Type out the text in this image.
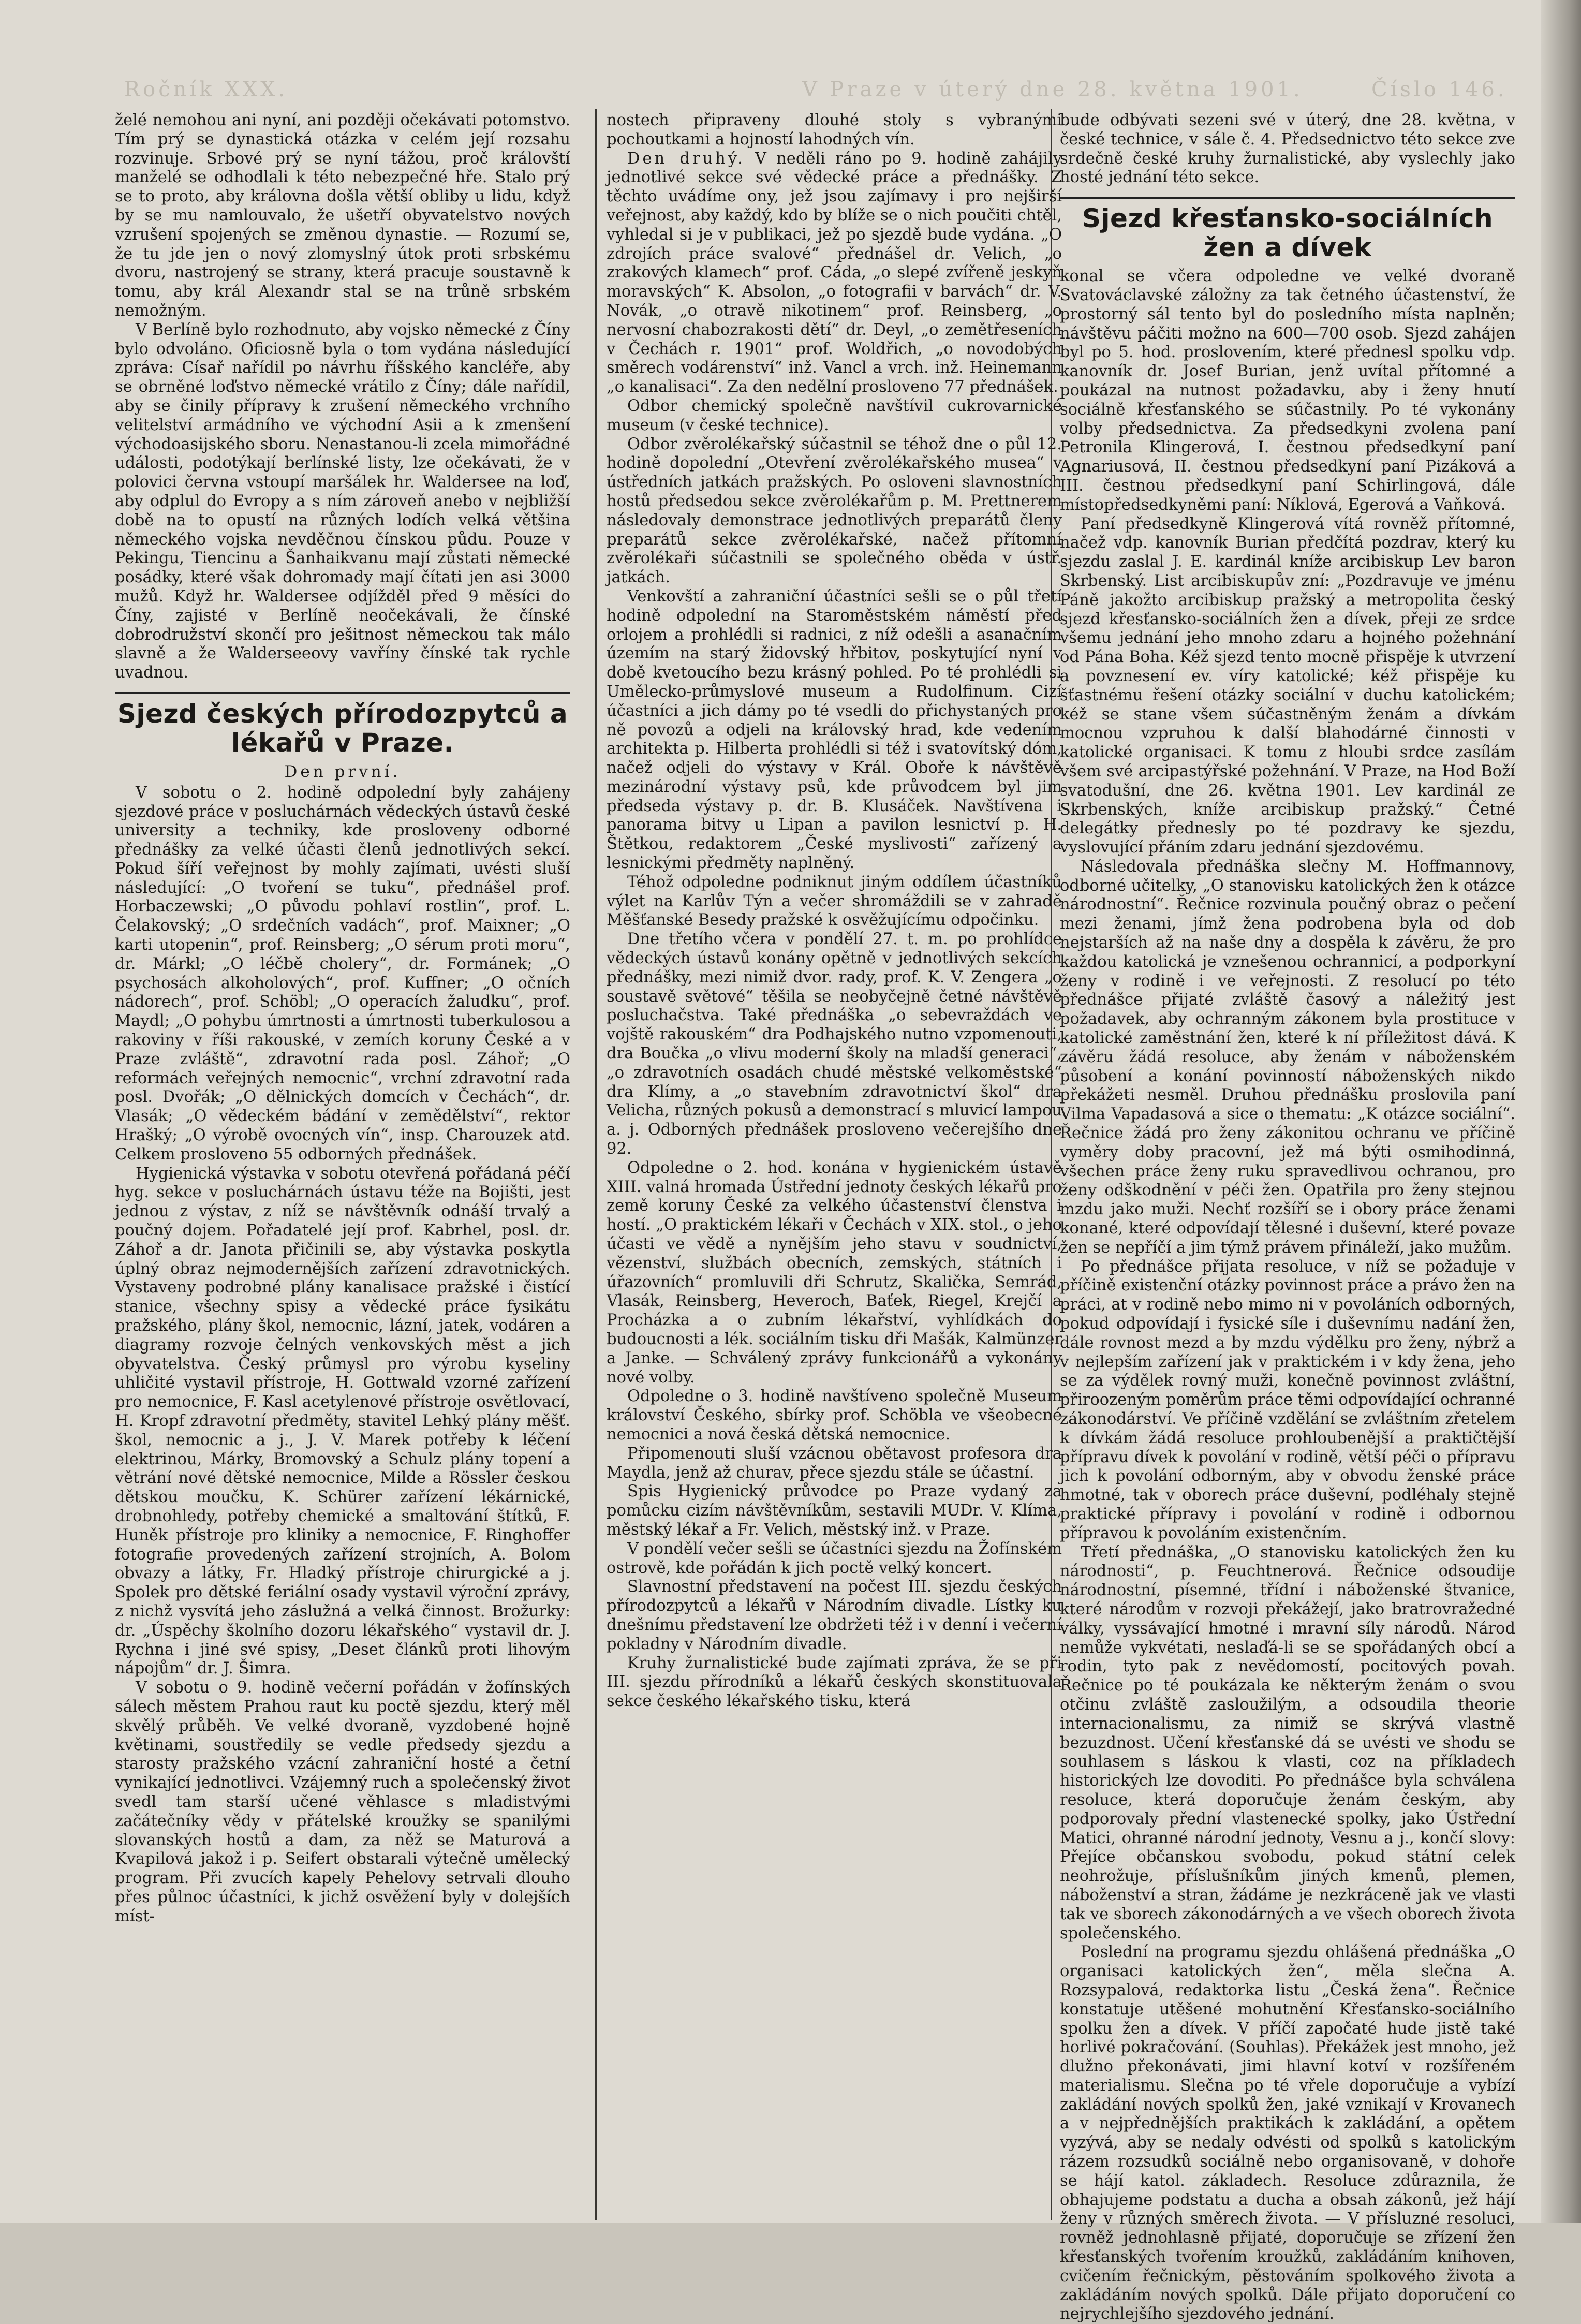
Ročník XXX.	V Praze v úterý dne 28. května 1901.	Číslo 146.

želé nemohou ani nyní, ani později očekávati potomstvo. Tím prý se dynastická otázka v celém její rozsahu rozvinuje. Srbové prý se nyní tážou, proč královští manželé se odhodlali k této nebezpečné hře. Stalo prý se to proto, aby královna došla větší obliby u lidu, když by se mu namlouvalo, že ušetří obyvatelstvo nových vzrušení spojených se změnou dynastie. — Rozumí se, že tu jde jen o nový zlomyslný útok proti srbskému dvoru, nastrojený se strany, která pracuje soustavně k tomu, aby král Alexandr stal se na trůně srbském nemožným.

V Berlíně bylo rozhodnuto, aby vojsko německé z Číny bylo odvoláno. Oficiosně byla o tom vydána následující zpráva: Císař nařídil po návrhu říšského kancléře, aby se obrněné loďstvo německé vrátilo z Číny; dále nařídil, aby se činily přípravy k zrušení německého vrchního velitelství armádního ve východní Asii a k zmenšení východoasijského sboru. Nenastanou-li zcela mimořádné události, podotýkají berlínské listy, lze očekávati, že v polovici června vstoupí maršálek hr. Waldersee na loď, aby odplul do Evropy a s ním zároveň anebo v nejbližší době na to opustí na různých lodích velká většina německého vojska nevděčnou čínskou půdu. Pouze v Pekingu, Tiencinu a Šanhaikvanu mají zůstati německé posádky, které však dohromady mají čítati jen asi 3000 mužů. Když hr. Waldersee odjížděl před 9 měsíci do Číny, zajisté v Berlíně neočekávali, že čínské dobrodružství skončí pro ješitnost německou tak málo slavně a že Walderseeovy vavříny čínské tak rychle uvadnou.

Sjezd českých přírodozpytců a lékařů v Praze.
Den první.

V sobotu o 2. hodině odpolední byly zahájeny sjezdové práce v posluchárnách vědeckých ústavů české university a techniky, kde prosloveny odborné přednášky za velké účasti členů jednotlivých sekcí. Pokud šíří veřejnost by mohly zajímati, uvésti sluší následující: „O tvoření se tuku“, přednášel prof. Horbaczewski; „O původu pohlaví rostlin“, prof. L. Čelakovský; „O srdečních vadách“, prof. Maixner; „O karti utopenin“, prof. Reinsberg; „O sérum proti moru“, dr. Márkl; „O léčbě cholery“, dr. Formánek; „O psychosách alkoholových“, prof. Kuffner; „O očních nádorech“, prof. Schöbl; „O operacích žaludku“, prof. Maydl; „O pohybu úmrtnosti a úmrtnosti tuberkulosou a rakoviny v říši rakouské, v zemích koruny České a v Praze zvláště“, zdravotní rada posl. Záhoř; „O reformách veřejných nemocnic“, vrchní zdravotní rada posl. Dvořák; „O dělnických domcích v Čechách“, dr. Vlasák; „O vědeckém bádání v zemědělství“, rektor Hrašký; „O výrobě ovocných vín“, insp. Charouzek atd. Celkem prosloveno 55 odborných přednášek.

Hygienická výstavka v sobotu otevřená pořádaná péčí hyg. sekce v posluchárnách ústavu téže na Bojišti, jest jednou z výstav, z níž se návštěvník odnáší trvalý a poučný dojem. Pořadatelé její prof. Kabrhel, posl. dr. Záhoř a dr. Janota přičinili se, aby výstavka poskytla úplný obraz nejmodernějších zařízení zdravotnických. Vystaveny podrobné plány kanalisace pražské i čistící stanice, všechny spisy a vědecké práce fysikátu pražského, plány škol, nemocnic, lázní, jatek, vodáren a diagramy rozvoje čelných venkovských měst a jich obyvatelstva. Český průmysl pro výrobu kyseliny uhličité vystavil přístroje, H. Gottwald vzorné zařízení pro nemocnice, F. Kasl acetylenové přístroje osvětlovací, H. Kropf zdravotní předměty, stavitel Lehký plány měšť. škol, nemocnic a j., J. V. Marek potřeby k léčení elektrinou, Márky, Bromovský a Schulz plány topení a větrání nové dětské nemocnice, Milde a Rössler českou dětskou moučku, K. Schürer zařízení lékárnické, drobnohledy, potřeby chemické a smaltování štítků, F. Huněk přístroje pro kliniky a nemocnice, F. Ringhoffer fotografie provedených zařízení strojních, A. Bolom obvazy a látky, Fr. Hladký přístroje chirurgické a j. Spolek pro dětské feriální osady vystavil výroční zprávy, z nichž vysvítá jeho záslužná a velká činnost. Brožurky: dr. „Úspěchy školního dozoru lékařského“ vystavil dr. J. Rychna i jiné své spisy, „Deset článků proti lihovým nápojům“ dr. J. Šimra.

V sobotu o 9. hodině večerní pořádán v žofínských sálech městem Prahou raut ku poctě sjezdu, který měl skvělý průběh. Ve velké dvoraně, vyzdobené hojně květinami, soustředily se vedle předsedy sjezdu a starosty pražského vzácní zahraniční hosté a četní vynikající jednotlivci. Vzájemný ruch a společenský život svedl tam starší učené věhlasce s mladistvými začátečníky vědy v přátelské kroužky se spanilými slovanských hostů a dam, za něž se Maturová a Kvapilová jakož i p. Seifert obstarali výtečně umělecký program. Při zvucích kapely Pehelovy setrvali dlouho přes půlnoc účastníci, k jichž osvěžení byly v dolejších míst-

nostech připraveny dlouhé stoly s vybranými pochoutkami a hojností lahodných vín.

Den druhý. V neděli ráno po 9. hodině zahájily jednotlivé sekce své vědecké práce a přednášky. Z těchto uvádíme ony, jež jsou zajímavy i pro nejširší veřejnost, aby každý, kdo by blíže se o nich poučiti chtěl, vyhledal si je v publikaci, jež po sjezdě bude vydána. „O zdrojích práce svalové“ přednášel dr. Velich, „o zrakových klamech“ prof. Cáda, „o slepé zvířeně jeskyň moravských“ K. Absolon, „o fotografii v barvách“ dr. V. Novák, „o otravě nikotinem“ prof. Reinsberg, „o nervosní chabozrakosti dětí“ dr. Deyl, „o zemětřeseních v Čechách r. 1901“ prof. Woldřich, „o novodobých směrech vodárenství“ inž. Vancl a vrch. inž. Heinemann „o kanalisaci“. Za den nedělní prosloveno 77 přednášek.

Odbor chemický společně navštívil cukrovarnické museum (v české technice).

Odbor zvěrolékařský súčastnil se téhož dne o půl 12. hodině dopolední „Otevření zvěrolékařského musea“ v ústředních jatkách pražských. Po osloveni slavnostních hostů předsedou sekce zvěrolékařům p. M. Prettnerem následovaly demonstrace jednotlivých preparátů členy preparátů sekce zvěrolékařské, načež přítomní zvěrolékaři súčastnili se společného oběda v ústř. jatkách.

Venkovští a zahraniční účastníci sešli se o půl třetí hodině odpolední na Staroměstském náměstí před orlojem a prohlédli si radnici, z níž odešli a asanačním územím na starý židovský hřbitov, poskytující nyní v době kvetoucího bezu krásný pohled. Po té prohlédli si Umělecko-průmyslové museum a Rudolfinum. Cizí účastníci a jich dámy po té vsedli do přichystaných pro ně povozů a odjeli na královský hrad, kde vedením architekta p. Hilberta prohlédli si též i svatovítský dóm, načež odjeli do výstavy v Král. Oboře k návštěvě mezinárodní výstavy psů, kde průvodcem byl jim předseda výstavy p. dr. B. Klusáček. Navštívena i panorama bitvy u Lipan a pavilon lesnictví p. H. Štětkou, redaktorem „České myslivosti“ zařízený a lesnickými předměty naplněný.

Téhož odpoledne podniknut jiným oddílem účastníků výlet na Karlův Týn a večer shromáždili se v zahradě Měšťanské Besedy pražské k osvěžujícímu odpočinku.

Dne třetího včera v pondělí 27. t. m. po prohlídce vědeckých ústavů konány opětně v jednotlivých sekcích přednášky, mezi nimiž dvor. rady, prof. K. V. Zengera „o soustavě světové“ těšila se neobyčejně četné návštěvě posluchačstva. Také přednáška „o sebevraždách ve vojště rakouském“ dra Podhajského nutno vzpomenouti, dra Boučka „o vlivu moderní školy na mladší generaci“, „o zdravotních osadách chudé městské velkoměstské“ dra Klímy, a „o stavebním zdravotnictví škol“ dra Velicha, různých pokusů a demonstrací s mluvicí lampou a. j. Odborných přednášek prosloveno večerejšího dne 92.

Odpoledne o 2. hod. konána v hygienickém ústavě XIII. valná hromada Ústřední jednoty českých lékařů pro země koruny České za velkého účastenství členstva i hostí. „O praktickém lékaři v Čechách v XIX. stol., o jeho účasti ve vědě a nynějším jeho stavu v soudnictví, vězenství, službách obecních, zemských, státních i úřazovních“ promluvili dři Schrutz, Skalička, Semrád, Vlasák, Reinsberg, Heveroch, Baťek, Riegel, Krejčí a Procházka a o zubním lékařství, vyhlídkách do budoucnosti a lék. sociálním tisku dři Mašák, Kalmünzer a Janke. — Schválený zprávy funkcionářů a vykonány nové volby.

Odpoledne o 3. hodině navštíveno společně Museum království Českého, sbírky prof. Schöbla ve všeobecné nemocnici a nová česká dětská nemocnice.

Připomenouti sluší vzácnou obětavost profesora dra Maydla, jenž až churav, přece sjezdu stále se účastní.

Spis Hygienický průvodce po Praze vydaný za pomůcku cizím návštěvníkům, sestavili MUDr. V. Klíma, městský lékař a Fr. Velich, městský inž. v Praze.

V pondělí večer sešli se účastníci sjezdu na Žofínském ostrově, kde pořádán k jich poctě velký koncert.

Slavnostní představení na počest III. sjezdu českých přírodozpytců a lékařů v Národním divadle. Lístky ku dnešnímu představení lze obdržeti též i v denní i večerní pokladny v Národním divadle.

Kruhy žurnalistické bude zajímati zpráva, že se při III. sjezdu přírodníků a lékařů českých skonstituovala sekce českého lékařského tisku, která

bude odbývati sezeni své v úterý, dne 28. května, v české technice, v sále č. 4. Předsednictvo této sekce zve srdečně české kruhy žurnalistické, aby vyslechly jako hosté jednání této sekce.

Sjezd křesťansko-sociálních žen a dívek

konal se včera odpoledne ve velké dvoraně Svatováclavské záložny za tak četného účastenství, že prostorný sál tento byl do posledního místa naplněn; návštěvu páčiti možno na 600—700 osob. Sjezd zahájen byl po 5. hod. proslovením, které přednesl spolku vdp. kanovník dr. Josef Burian, jenž uvítal přítomné a poukázal na nutnost požadavku, aby i ženy hnutí sociálně křesťanského se súčastnily. Po té vykonány volby předsednictva. Za předsedkyni zvolena paní Petronila Klingerová, I. čestnou předsedkyní paní Agnariusová, II. čestnou předsedkyní paní Pizáková a III. čestnou předsedkyní paní Schirlingová, dále místopředsedkyněmi paní: Níklová, Egerová a Vaňková.

Paní předsedkyně Klingerová vítá rovněž přítomné, načež vdp. kanovník Burian předčítá pozdrav, který ku sjezdu zaslal J. E. kardinál kníže arcibiskup Lev baron Skrbenský. List arcibiskupův zní: „Pozdravuje ve jménu Páně jakožto arcibiskup pražský a metropolita český sjezd křesťansko-sociálních žen a dívek, přeji ze srdce všemu jednání jeho mnoho zdaru a hojného požehnání od Pána Boha. Kéž sjezd tento mocně přispěje k utvrzení a povznesení ev. víry katolické; kéž přispěje ku šťastnému řešení otázky sociální v duchu katolickém; kéž se stane všem súčastněným ženám a dívkám mocnou vzpruhou k další blahodárné činnosti v katolické organisaci. K tomu z hloubi srdce zasílám všem své arcipastýřské požehnání. V Praze, na Hod Boží svatodušní, dne 26. května 1901. Lev kardinál ze Skrbenských, kníže arcibiskup pražský.“ Četné delegátky přednesly po té pozdravy ke sjezdu, vyslovující přáním zdaru jednání sjezdovému.

Následovala přednáška slečny M. Hoffmannovy, odborné učitelky, „O stanovisku katolických žen k otázce národnostní“. Řečnice rozvinula poučný obraz o pečení mezi ženami, jímž žena podrobena byla od dob nejstarších až na naše dny a dospěla k závěru, že pro každou katolická je vznešenou ochrannicí, a podporkyní ženy v rodině i ve veřejnosti. Z resolucí po této přednášce přijaté zvláště časový a náležitý jest požadavek, aby ochranným zákonem byla prostituce v katolické zaměstnání žen, které k ní příležitost dává. K závěru žádá resoluce, aby ženám v náboženském působení a konání povinností náboženských nikdo překážeti nesměl. Druhou přednášku proslovila paní Vilma Vapadasová a sice o thematu: „K otázce sociální“. Řečnice žádá pro ženy zákonitou ochranu ve příčině vyměry doby pracovní, jež má býti osmihodinná, všechen práce ženy ruku spravedlivou ochranou, pro ženy odškodnění v péči žen. Opatřila pro ženy stejnou mzdu jako muži. Nechť rozšíří se i obory práce ženami konané, které odpovídají tělesné i duševní, které povaze žen se nepříčí a jim týmž právem přináleží, jako mužům.

Po přednášce přijata resoluce, v níž se požaduje v příčině existenční otázky povinnost práce a právo žen na práci, at v rodině nebo mimo ni v povoláních odborných, pokud odpovídají i fysické síle i duševnímu nadání žen, dále rovnost mezd a by mzdu výdělku pro ženy, nýbrž a v nejlepším zařízení jak v praktickém i v kdy žena, jeho se za výdělek rovný muži, konečně povinnost zvláštní, přiroozeným poměrům práce těmi odpovídající ochranné zákonodárství. Ve příčině vzdělání se zvláštním zřetelem k dívkám žádá resoluce prohloubenější a praktičtější přípravu dívek k povolání v rodině, větší péči o přípravu jich k povolání odborným, aby v obvodu ženské práce hmotné, tak v oborech práce duševní, podléhaly stejně praktické přípravy i povolání v rodině i odbornou přípravou k povoláním existenčním.

Třetí přednáška, „O stanovisku katolických žen ku národnosti“, p. Feuchtnerová. Řečnice odsoudije národnostní, písemné, třídní i náboženské štvanice, které národům v rozvoji překážejí, jako bratrovražedné války, vyssávající hmotné i mravní síly národů. Národ nemůže vykvétati, neslaďá-li se se spořádaných obcí a rodin, tyto pak z nevědomostí, pocitových povah. Řečnice po té poukázala ke některým ženám o svou otčinu zvláště zasloužilým, a odsoudila theorie internacionalismu, za nimiž se skrývá vlastně bezuzdnost. Učení křesťanské dá se uvésti ve shodu se souhlasem s láskou k vlasti, coz na příkladech historických lze dovoditi. Po přednášce byla schválena resoluce, která doporučuje ženám českým, aby podporovaly přední vlastenecké spolky, jako Ústřední Matici, ohranné národní jednoty, Vesnu a j., končí slovy: Přejíce občanskou svobodu, pokud státní celek neohrožuje, příslušníkům jiných kmenů, plemen, náboženství a stran, žádáme je nezkráceně jak ve vlasti tak ve sborech zákonodárných a ve všech oborech života společenského.

Poslední na programu sjezdu ohlášená přednáška „O organisaci katolických žen“, měla slečna A. Rozsypalová, redaktorka listu „Česká žena“. Řečnice konstatuje utěšené mohutnění Křesťansko-sociálního spolku žen a dívek. V příčí započaté hude jistě také horlivé pokračování. (Souhlas). Překážek jest mnoho, jež dlužno překonávati, jimi hlavní kotví v rozšířeném materialismu. Slečna po té vřele doporučuje a vybízí zakládání nových spolků žen, jaké vznikají v Krovanech a v nejpřednějších praktikách k zakládání, a opětem vyzývá, aby se nedaly odvésti od spolků s katolickým rázem rozsudků sociálně nebo organisovaně, v dohoře se hájí katol. základech. Resoluce zdůraznila, že obhajujeme podstatu a ducha a obsah zákonů, jež hájí ženy v různých směrech života. — V přísluzné resoluci, rovněž jednohlasně přijaté, doporučuje se zřízení žen křesťanských tvořením kroužků, zakládáním knihoven, cvičením řečnickým, pěstováním spolkového života a zakládáním nových spolků. Dále přijato doporučení co nejrychlejšího sjezdového jednání.
